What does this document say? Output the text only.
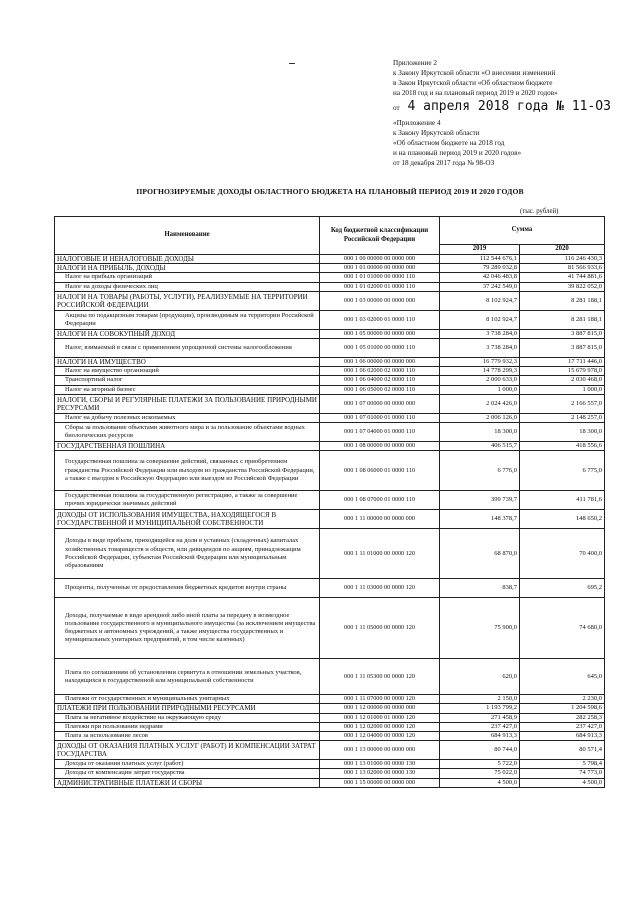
Приложение 2
к Закону Иркутской области «О внесении изменений
в Закон Иркутской области «Об областном бюджете
на 2018 год и на плановый период 2019 и 2020 годов»
от 4 апреля 2018 года № 11-ОЗ
«Приложение 4
к Закону Иркутской области
«Об областном бюджете на 2018 год
и на плановый период 2019 и 2020 годов»
от 18 декабря 2017 года № 98-ОЗ
ПРОГНОЗИРУЕМЫЕ ДОХОДЫ ОБЛАСТНОГО БЮДЖЕТА НА ПЛАНОВЫЙ ПЕРИОД 2019 И 2020 ГОДОВ
(тыс. рублей)
Наименование	Код бюджетной классификации Российской Федерации	Сумма	
		2019	2020
НАЛОГОВЫЕ И НЕНАЛОГОВЫЕ ДОХОДЫ	000 1 00 00000 00 0000 000	112 544 676,1	116 246 430,3
НАЛОГИ НА ПРИБЫЛЬ, ДОХОДЫ	000 1 01 00000 00 0000 000	79 289 032,8	81 566 933,6
Налог на прибыль организаций	000 1 01 01000 00 0000 110	42 046 483,8	41 744 881,6
Налог на доходы физических лиц	000 1 01 02000 01 0000 110	37 242 549,0	39 822 052,0
НАЛОГИ НА ТОВАРЫ (РАБОТЫ, УСЛУГИ), РЕАЛИЗУЕМЫЕ НА ТЕРРИТОРИИ РОССИЙСКОЙ ФЕДЕРАЦИИ	000 1 03 00000 00 0000 000	8 102 924,7	8 281 188,1
Акцизы по подакцизным товарам (продукции), производимым на территории Российской Федерации	000 1 03 02000 01 0000 110	8 102 924,7	8 281 188,1
НАЛОГИ НА СОВОКУПНЫЙ ДОХОД	000 1 05 00000 00 0000 000	3 738 284,0	3 887 815,0
Налог, взимаемый в связи с применением упрощенной системы налогообложения	000 1 05 01000 00 0000 110	3 738 284,0	3 887 815,0
НАЛОГИ НА ИМУЩЕСТВО	000 1 06 00000 00 0000 000	16 779 932,3	17 711 446,0
Налог на имущество организаций	000 1 06 02000 02 0000 110	14 778 299,3	15 679 978,0
Транспортный налог	000 1 06 04000 02 0000 110	2 000 633,0	2 030 468,0
Налог на игорный бизнес	000 1 06 05000 02 0000 110	1 000,0	1 000,0
НАЛОГИ, СБОРЫ И РЕГУЛЯРНЫЕ ПЛАТЕЖИ ЗА ПОЛЬЗОВАНИЕ ПРИРОДНЫМИ РЕСУРСАМИ	000 1 07 00000 00 0000 000	2 024 426,0	2 166 557,0
Налог на добычу полезных ископаемых	000 1 07 01000 01 0000 110	2 006 126,0	2 148 257,0
Сборы за пользование объектами животного мира и за пользование объектами водных биологических ресурсов	000 1 07 04000 01 0000 110	18 300,0	18 300,0
ГОСУДАРСТВЕННАЯ ПОШЛИНА	000 1 08 00000 00 0000 000	406 515,7	418 556,6
Государственная пошлина за совершение действий, связанных с приобретением гражданства Российской Федерации или выходом из гражданства Российской Федерации, а также с въездом в Российскую Федерацию или выездом из Российской Федерации	000 1 08 06000 01 0000 110	6 776,0	6 775,0
Государственная пошлина за государственную регистрацию, а также за совершение прочих юридически значимых действий	000 1 08 07000 01 0000 110	399 739,7	411 781,6
ДОХОДЫ ОТ ИСПОЛЬЗОВАНИЯ ИМУЩЕСТВА, НАХОДЯЩЕГОСЯ В ГОСУДАРСТВЕННОЙ И МУНИЦИПАЛЬНОЙ СОБСТВЕННОСТИ	000 1 11 00000 00 0000 000	148 378,7	148 650,2
Доходы в виде прибыли, приходящейся на доли в уставных (складочных) капиталах хозяйственных товариществ и обществ, или дивидендов по акциям, принадлежащим Российской Федерации, субъектам Российской Федерации или муниципальным образованиям	000 1 11 01000 00 0000 120	68 870,0	70 400,0
Проценты, полученные от предоставления бюджетных кредитов внутри страны	000 1 11 03000 00 0000 120	838,7	695,2
Доходы, получаемые в виде арендной либо иной платы за передачу в возмездное пользование государственного и муниципального имущества (за исключением имущества бюджетных и автономных учреждений, а также имущества государственных и муниципальных унитарных предприятий, в том числе казенных)	000 1 11 05000 00 0000 120	75 900,0	74 680,0
Плата по соглашениям об установлении сервитута в отношении земельных участков, находящихся в государственной или муниципальной собственности	000 1 11 05300 00 0000 120	620,0	645,0
Платежи от государственных и муниципальных унитарных	000 1 11 07000 00 0000 120	2 150,0	2 230,0
ПЛАТЕЖИ ПРИ ПОЛЬЗОВАНИИ ПРИРОДНЫМИ РЕСУРСАМИ	000 1 12 00000 00 0000 000	1 193 799,2	1 204 598,6
Плата за негативное воздействие на окружающую среду	000 1 12 01000 01 0000 120	271 458,9	282 258,3
Платежи при пользовании недрами	000 1 12 02000 00 0000 120	237 427,0	237 427,0
Плата за использование лесов	000 1 12 04000 00 0000 120	684 913,3	684 913,3
ДОХОДЫ ОТ ОКАЗАНИЯ ПЛАТНЫХ УСЛУГ (РАБОТ) И КОМПЕНСАЦИИ ЗАТРАТ ГОСУДАРСТВА	000 1 13 00000 00 0000 000	80 744,0	80 571,4
Доходы от оказания платных услуг (работ)	000 1 13 01000 00 0000 130	5 722,0	5 798,4
Доходы от компенсации затрат государства	000 1 13 02000 00 0000 130	75 022,0	74 773,0
АДМИНИСТРАТИВНЫЕ ПЛАТЕЖИ И СБОРЫ	000 1 15 00000 00 0000 000	4 500,0	4 500,0
